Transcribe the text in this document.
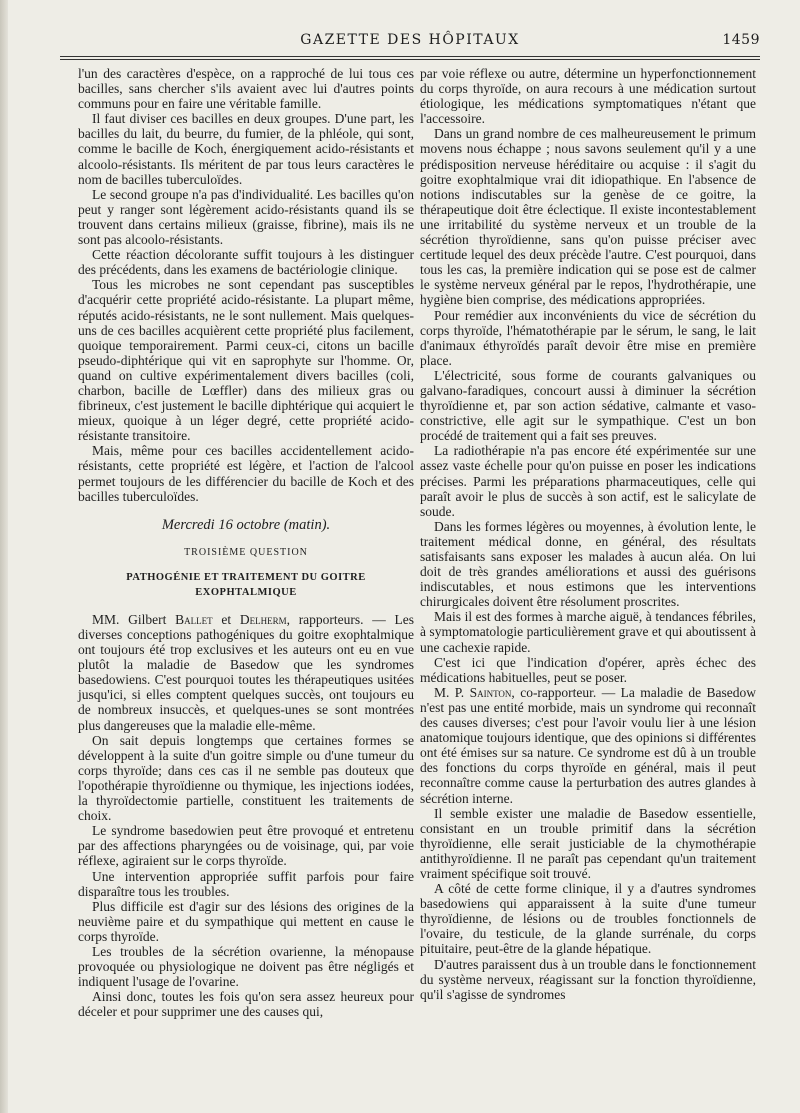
GAZETTE DES HÔPITAUX	1459

l'un des caractères d'espèce, on a rapproché de lui tous ces bacilles, sans chercher s'ils avaient avec lui d'autres points communs pour en faire une véritable famille.

Il faut diviser ces bacilles en deux groupes. D'une part, les bacilles du lait, du beurre, du fumier, de la phléole, qui sont, comme le bacille de Koch, énergiquement acido-résistants et alcoolo-résistants. Ils méritent de par tous leurs caractères le nom de bacilles tuberculoïdes.

Le second groupe n'a pas d'individualité. Les bacilles qu'on peut y ranger sont légèrement acido-résistants quand ils se trouvent dans certains milieux (graisse, fibrine), mais ils ne sont pas alcoolo-résistants.

Cette réaction décolorante suffit toujours à les distinguer des précédents, dans les examens de bactériologie clinique.

Tous les microbes ne sont cependant pas susceptibles d'acquérir cette propriété acido-résistante. La plupart même, réputés acido-résistants, ne le sont nullement. Mais quelques-uns de ces bacilles acquièrent cette propriété plus facilement, quoique temporairement. Parmi ceux-ci, citons un bacille pseudo-diphtérique qui vit en saprophyte sur l'homme. Or, quand on cultive expérimentalement divers bacilles (coli, charbon, bacille de Lœffler) dans des milieux gras ou fibrineux, c'est justement le bacille diphtérique qui acquiert le mieux, quoique à un léger degré, cette propriété acido-résistante transitoire.

Mais, même pour ces bacilles accidentellement acido-résistants, cette propriété est légère, et l'action de l'alcool permet toujours de les différencier du bacille de Koch et des bacilles tuberculoïdes.

Mercredi 16 octobre (matin).
TROISIÈME QUESTION
PATHOGÉNIE ET TRAITEMENT DU GOITRE
EXOPHTALMIQUE

MM. Gilbert Ballet et Delherm, rapporteurs. — Les diverses conceptions pathogéniques du goitre exophtalmique ont toujours été trop exclusives et les auteurs ont eu en vue plutôt la maladie de Basedow que les syndromes basedowiens. C'est pourquoi toutes les thérapeutiques usitées jusqu'ici, si elles comptent quelques succès, ont toujours eu de nombreux insuccès, et quelques-unes se sont montrées plus dangereuses que la maladie elle-même.

On sait depuis longtemps que certaines formes se développent à la suite d'un goitre simple ou d'une tumeur du corps thyroïde; dans ces cas il ne semble pas douteux que l'opothérapie thyroïdienne ou thymique, les injections iodées, la thyroïdectomie partielle, constituent les traitements de choix.

Le syndrome basedowien peut être provoqué et entretenu par des affections pharyngées ou de voisinage, qui, par voie réflexe, agiraient sur le corps thyroïde.

Une intervention appropriée suffit parfois pour faire disparaître tous les troubles.

Plus difficile est d'agir sur des lésions des origines de la neuvième paire et du sympathique qui mettent en cause le corps thyroïde.

Les troubles de la sécrétion ovarienne, la ménopause provoquée ou physiologique ne doivent pas être négligés et indiquent l'usage de l'ovarine.

Ainsi donc, toutes les fois qu'on sera assez heureux pour déceler et pour supprimer une des causes qui,

par voie réflexe ou autre, détermine un hyperfonctionnement du corps thyroïde, on aura recours à une médication surtout étiologique, les médications symptomatiques n'étant que l'accessoire.

Dans un grand nombre de ces malheureusement le primum movens nous échappe ; nous savons seulement qu'il y a une prédisposition nerveuse héréditaire ou acquise : il s'agit du goitre exophtalmique vrai dit idiopathique. En l'absence de notions indiscutables sur la genèse de ce goitre, la thérapeutique doit être éclectique. Il existe incontestablement une irritabilité du système nerveux et un trouble de la sécrétion thyroïdienne, sans qu'on puisse préciser avec certitude lequel des deux précède l'autre. C'est pourquoi, dans tous les cas, la première indication qui se pose est de calmer le système nerveux général par le repos, l'hydrothérapie, une hygiène bien comprise, des médications appropriées.

Pour remédier aux inconvénients du vice de sécrétion du corps thyroïde, l'hématothérapie par le sérum, le sang, le lait d'animaux éthyroïdés paraît devoir être mise en première place.

L'électricité, sous forme de courants galvaniques ou galvano-faradiques, concourt aussi à diminuer la sécrétion thyroïdienne et, par son action sédative, calmante et vaso-constrictive, elle agit sur le sympathique. C'est un bon procédé de traitement qui a fait ses preuves.

La radiothérapie n'a pas encore été expérimentée sur une assez vaste échelle pour qu'on puisse en poser les indications précises. Parmi les préparations pharmaceutiques, celle qui paraît avoir le plus de succès à son actif, est le salicylate de soude.

Dans les formes légères ou moyennes, à évolution lente, le traitement médical donne, en général, des résultats satisfaisants sans exposer les malades à aucun aléa. On lui doit de très grandes améliorations et aussi des guérisons indiscutables, et nous estimons que les interventions chirurgicales doivent être résolument proscrites.

Mais il est des formes à marche aiguë, à tendances fébriles, à symptomatologie particulièrement grave et qui aboutissent à une cachexie rapide.

C'est ici que l'indication d'opérer, après échec des médications habituelles, peut se poser.

M. P. Sainton, co-rapporteur. — La maladie de Basedow n'est pas une entité morbide, mais un syndrome qui reconnaît des causes diverses; c'est pour l'avoir voulu lier à une lésion anatomique toujours identique, que des opinions si différentes ont été émises sur sa nature. Ce syndrome est dû à un trouble des fonctions du corps thyroïde en général, mais il peut reconnaître comme cause la perturbation des autres glandes à sécrétion interne.

Il semble exister une maladie de Basedow essentielle, consistant en un trouble primitif dans la sécrétion thyroïdienne, elle serait justiciable de la chymothérapie antithyroïdienne. Il ne paraît pas cependant qu'un traitement vraiment spécifique soit trouvé.

A côté de cette forme clinique, il y a d'autres syndromes basedowiens qui apparaissent à la suite d'une tumeur thyroïdienne, de lésions ou de troubles fonctionnels de l'ovaire, du testicule, de la glande surrénale, du corps pituitaire, peut-être de la glande hépatique.

D'autres paraissent dus à un trouble dans le fonctionnement du système nerveux, réagissant sur la fonction thyroïdienne, qu'il s'agisse de syndromes
